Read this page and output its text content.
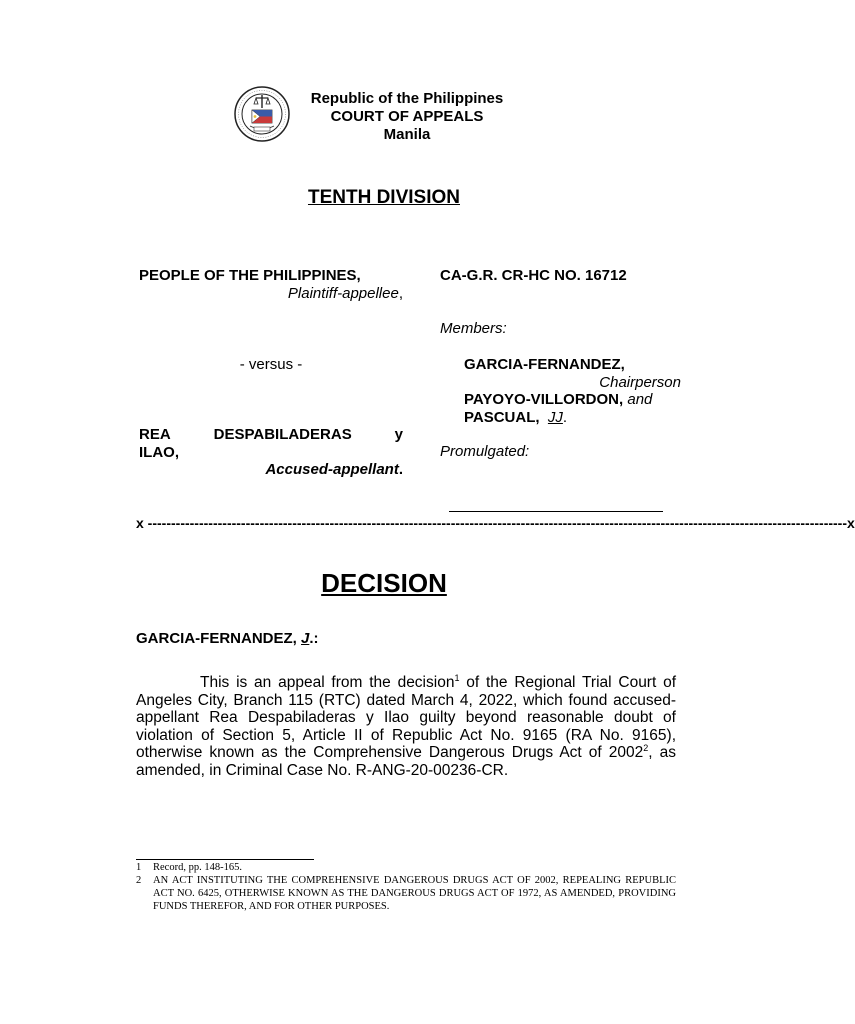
Republic of the Philippines
COURT OF APPEALS
Manila
TENTH DIVISION
PEOPLE OF THE PHILIPPINES,
Plaintiff-appellee,
- versus -
REA	DESPABILADERAS	y
ILAO,
Accused-appellant.
CA-G.R. CR-HC NO. 16712
Members:
GARCIA-FERNANDEZ,
Chairperson
PAYOYO-VILLORDON, and
PASCUAL, JJ.
Promulgated:
x ------------------------------------------------------------------------------------------------------------------------------------------------------ x
DECISION
GARCIA-FERNANDEZ, J.:
This is an appeal from the decision$^1$ of the Regional Trial Court of Angeles City, Branch 115 (RTC) dated March 4, 2022, which found accused-appellant Rea Despabiladeras y Ilao guilty beyond reasonable doubt of violation of Section 5, Article II of Republic Act No. 9165 (RA No. 9165), otherwise known as the Comprehensive Dangerous Drugs Act of 2002$^2$, as amended, in Criminal Case No. R-ANG-20-00236-CR.
1	Record, pp. 148-165.
2	AN ACT INSTITUTING THE COMPREHENSIVE DANGEROUS DRUGS ACT OF 2002, REPEALING REPUBLIC ACT NO. 6425, OTHERWISE KNOWN AS THE DANGEROUS DRUGS ACT OF 1972, AS AMENDED, PROVIDING FUNDS THEREFOR, AND FOR OTHER PURPOSES.
